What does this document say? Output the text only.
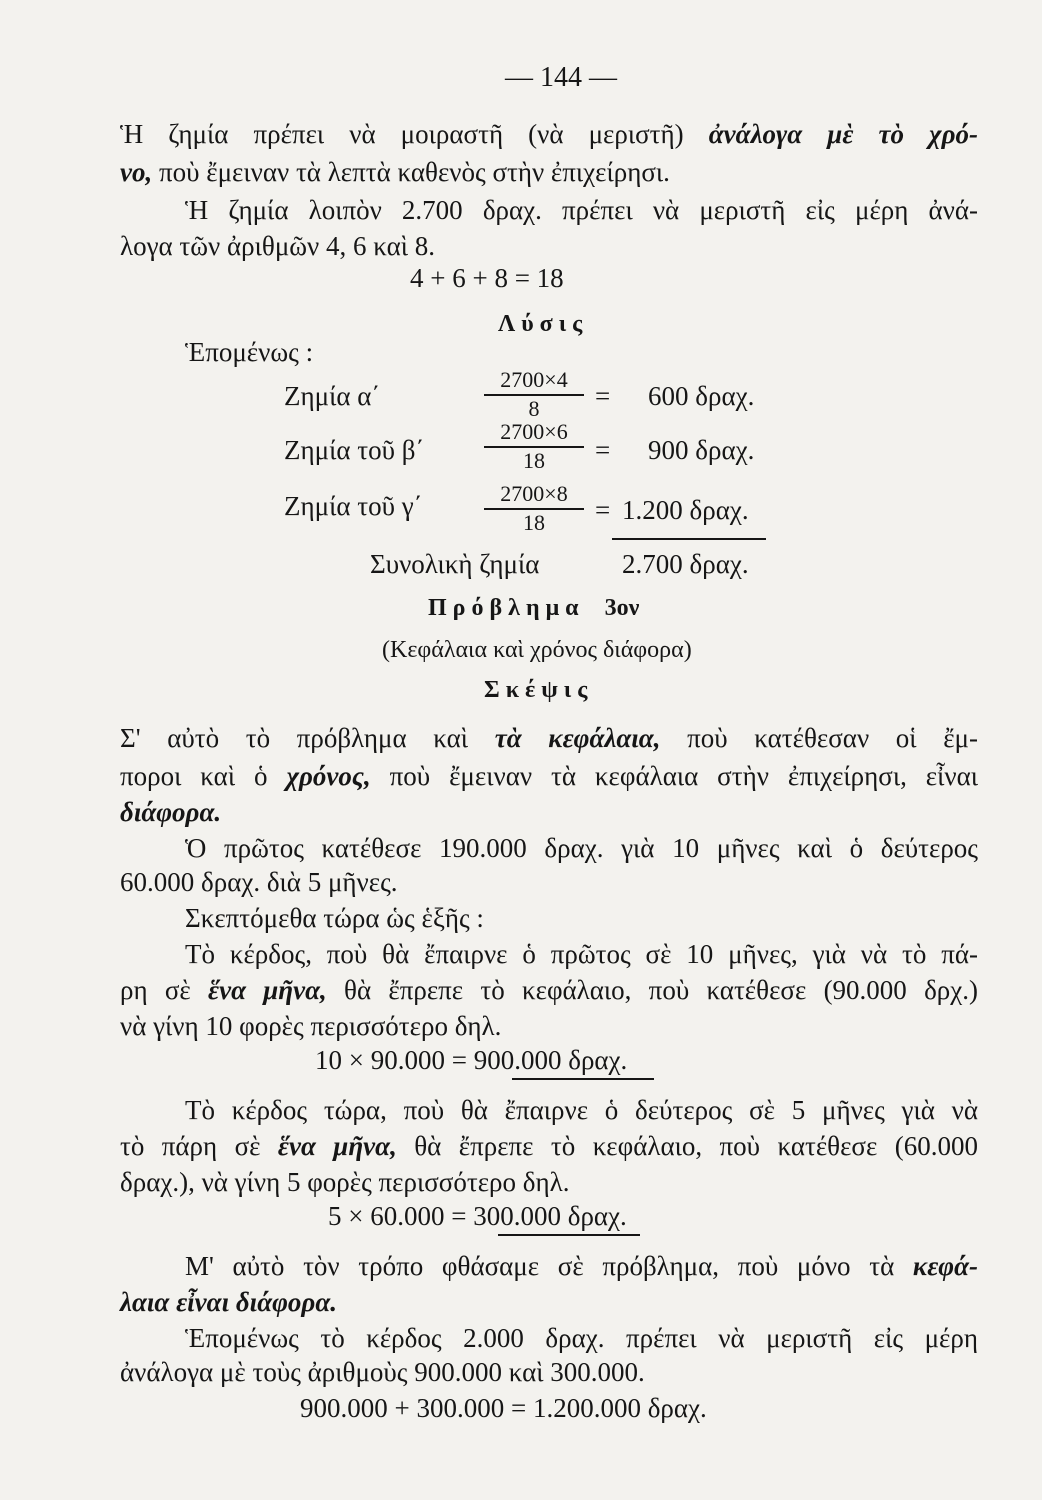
— 144 —
Ἡ ζημία πρέπει νὰ μοιραστῆ (νὰ μεριστῆ) ἀνάλογα μὲ τὸ χρό-
νο, ποὺ ἔμειναν τὰ λεπτὰ καθενὸς στὴν ἐπιχείρησι.
Ἡ ζημία λοιπὸν 2.700 δραχ. πρέπει νὰ μεριστῆ εἰς μέρη ἀνά-
λογα τῶν ἀριθμῶν 4, 6 καὶ 8.
4 + 6 + 8 = 18
Λύσις
Ἑπομένως :
Ζημία α΄	$\frac{2700\times 4}{8} = 600$ δραχ.
Ζημία τοῦ β΄	$\frac{2700\times 6}{18} = 900$ δραχ.
Ζημία τοῦ γ΄	$\frac{2700\times 8}{18} = 1.200$ δραχ.
Συνολικὴ ζημία	2.700 δραχ.
Πρόβλημα 3ον
(Κεφάλαια καὶ χρόνος διάφορα)
Σκέψις
Σ' αὐτὸ τὸ πρόβλημα καὶ τὰ κεφάλαια, ποὺ κατέθεσαν οἱ ἔμ-
ποροι καὶ ὁ χρόνος, ποὺ ἔμειναν τὰ κεφάλαια στὴν ἐπιχείρησι, εἶναι
διάφορα.
Ὁ πρῶτος κατέθεσε 190.000 δραχ. γιὰ 10 μῆνες καὶ ὁ δεύτερος
60.000 δραχ. διὰ 5 μῆνες.
Σκεπτόμεθα τώρα ὡς ἑξῆς :
Τὸ κέρδος, ποὺ θὰ ἔπαιρνε ὁ πρῶτος σὲ 10 μῆνες, γιὰ νὰ τὸ πά-
ρη σὲ ἕνα μῆνα, θὰ ἔπρεπε τὸ κεφάλαιο, ποὺ κατέθεσε (90.000 δρχ.)
νὰ γίνη 10 φορὲς περισσότερο δηλ.
10 × 90.000 = 900.000 δραχ.
Τὸ κέρδος τώρα, ποὺ θὰ ἔπαιρνε ὁ δεύτερος σὲ 5 μῆνες γιὰ νὰ
τὸ πάρη σὲ ἕνα μῆνα, θὰ ἔπρεπε τὸ κεφάλαιο, ποὺ κατέθεσε (60.000
δραχ.), νὰ γίνη 5 φορὲς περισσότερο δηλ.
5 × 60.000 = 300.000 δραχ.
Μ' αὐτὸ τὸν τρόπο φθάσαμε σὲ πρόβλημα, ποὺ μόνο τὰ κεφά-
λαια εἶναι διάφορα.
Ἑπομένως τὸ κέρδος 2.000 δραχ. πρέπει νὰ μεριστῆ εἰς μέρη
ἀνάλογα μὲ τοὺς ἀριθμοὺς 900.000 καὶ 300.000.
900.000 + 300.000 = 1.200.000 δραχ.
